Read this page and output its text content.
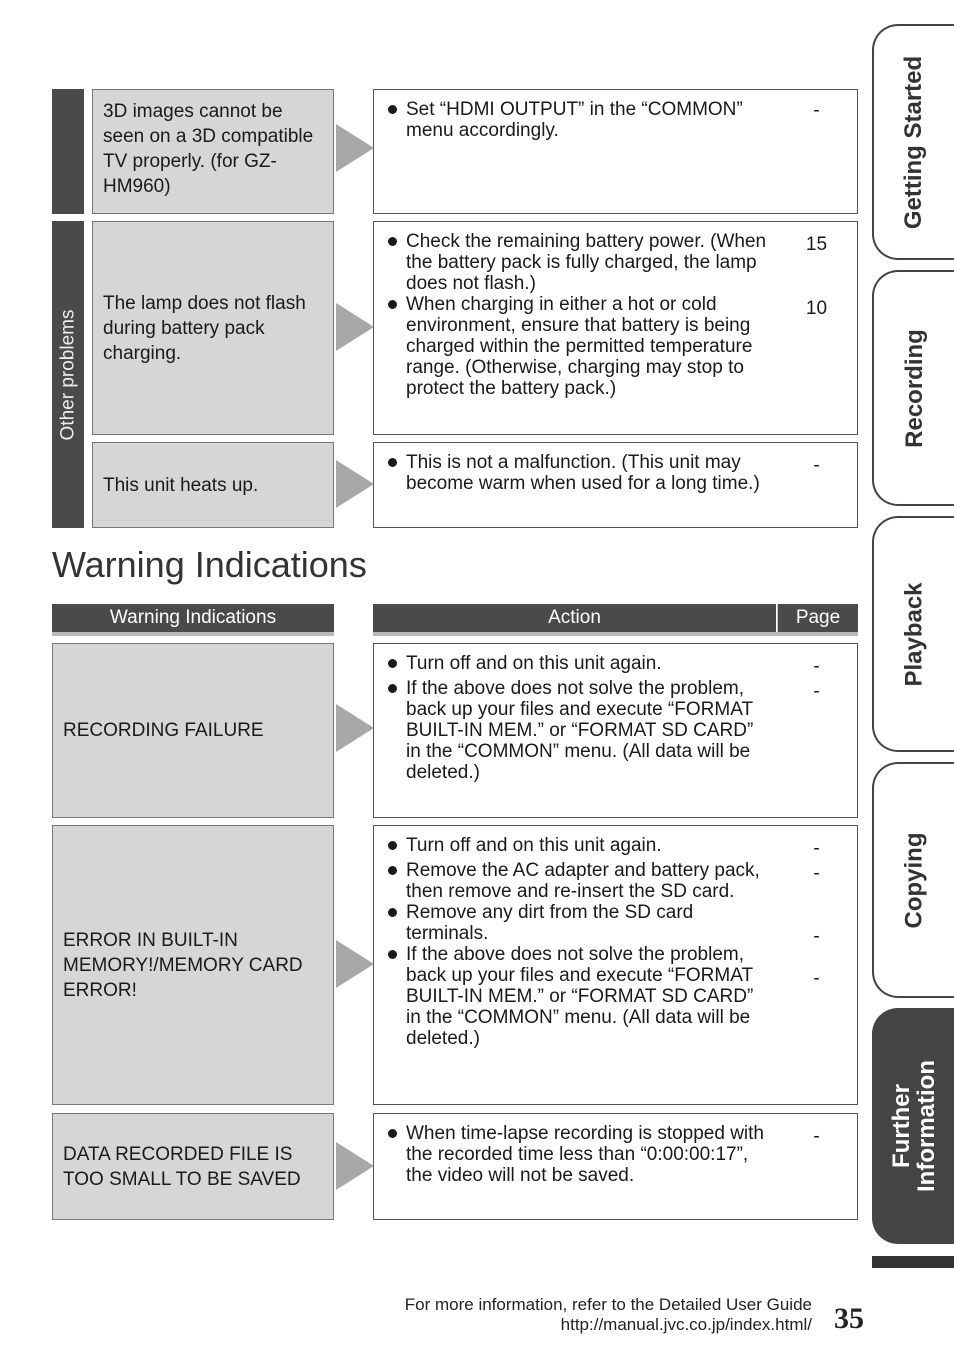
Other problems
3D images cannot be seen on a 3D compatible TV properly. (for GZ-HM960)
Set “HDMI OUTPUT” in the “COMMON” menu accordingly.
-
The lamp does not flash during battery pack charging.
Check the remaining battery power. (When the battery pack is fully charged, the lamp does not flash.)
When charging in either a hot or cold environment, ensure that battery is being charged within the permitted temperature range. (Otherwise, charging may stop to protect the battery pack.)
15
10
This unit heats up.
This is not a malfunction. (This unit may become warm when used for a long time.)
-
Warning Indications
Warning Indications	Action	Page
RECORDING FAILURE
Turn off and on this unit again.
If the above does not solve the problem, back up your files and execute “FORMAT BUILT-IN MEM.” or “FORMAT SD CARD” in the “COMMON” menu. (All data will be deleted.)
-
-
ERROR IN BUILT-IN MEMORY!/MEMORY CARD ERROR!
Turn off and on this unit again.
Remove the AC adapter and battery pack, then remove and re-insert the SD card.
Remove any dirt from the SD card terminals.
If the above does not solve the problem, back up your files and execute “FORMAT BUILT-IN MEM.” or “FORMAT SD CARD” in the “COMMON” menu. (All data will be deleted.)
-
-
-
-
DATA RECORDED FILE IS TOO SMALL TO BE SAVED
When time-lapse recording is stopped with the recorded time less than “0:00:00:17”, the video will not be saved.
-
Getting Started
Recording
Playback
Copying
Further
Information
For more information, refer to the Detailed User Guide
http://manual.jvc.co.jp/index.html/ 35
